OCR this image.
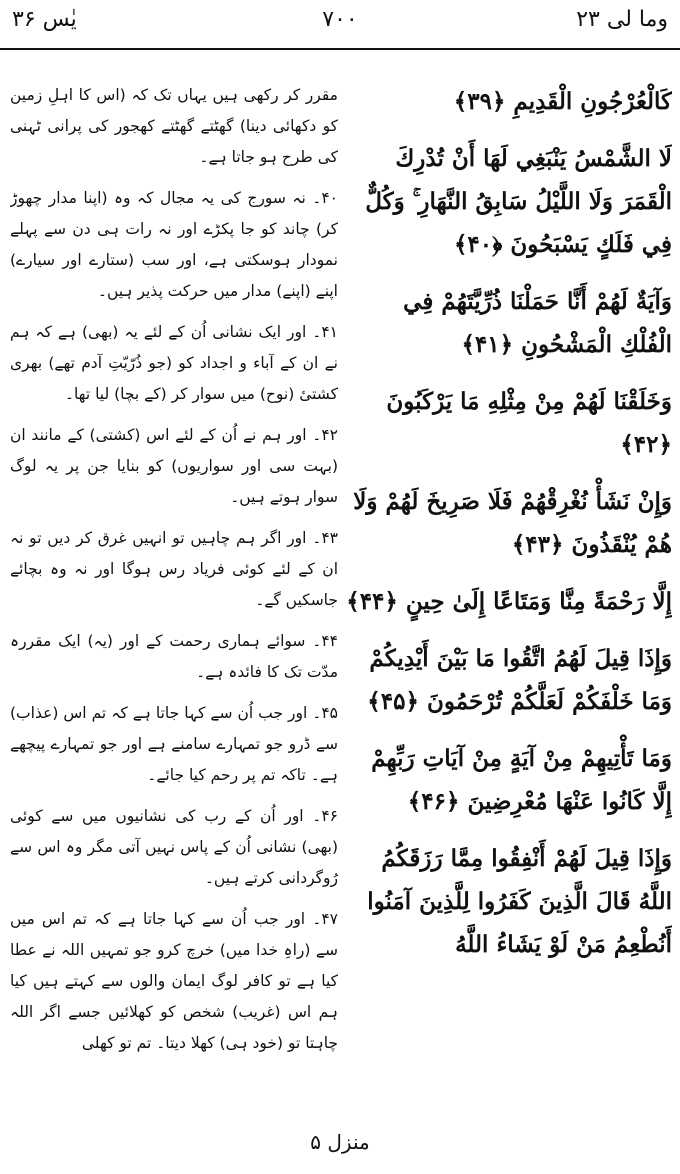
وما لی ۲۳
۷۰۰
یٰس ۳۶

مقرر کر رکھی ہیں یہاں تک کہ (اس کا اہلِ زمین کو دکھائی دینا) گھٹتے گھٹتے کھجور کی پرانی ٹہنی کی طرح ہو جاتا ہے۔

۴۰۔ نہ سورج کی یہ مجال کہ وہ (اپنا مدار چھوڑ کر) چاند کو جا پکڑے اور نہ رات ہی دن سے پہلے نمودار ہوسکتی ہے، اور سب (ستارے اور سیارے) اپنے (اپنے) مدار میں حرکت پذیر ہیں۔

۴۱۔ اور ایک نشانی اُن کے لئے یہ (بھی) ہے کہ ہم نے ان کے آباء و اجداد کو (جو ذُرّیّتِ آدم تھے) بھری کشتیٔ (نوح) میں سوار کر (کے بچا) لیا تھا۔

۴۲۔ اور ہم نے اُن کے لئے اس (کشتی) کے مانند ان (بہت سی اور سواریوں) کو بنایا جن پر یہ لوگ سوار ہوتے ہیں۔

۴۳۔ اور اگر ہم چاہیں تو انہیں غرق کر دیں تو نہ ان کے لئے کوئی فریاد رس ہوگا اور نہ وہ بچائے جاسکیں گے۔

۴۴۔ سوائے ہماری رحمت کے اور (یہ) ایک مقررہ مدّت تک کا فائدہ ہے۔

۴۵۔ اور جب اُن سے کہا جاتا ہے کہ تم اس (عذاب) سے ڈرو جو تمہارے سامنے ہے اور جو تمہارے پیچھے ہے۔ تاکہ تم پر رحم کیا جائے۔

۴۶۔ اور اُن کے رب کی نشانیوں میں سے کوئی (بھی) نشانی اُن کے پاس نہیں آتی مگر وہ اس سے رُوگردانی کرتے ہیں۔

۴۷۔ اور جب اُن سے کہا جاتا ہے کہ تم اس میں سے (راہِ خدا میں) خرچ کرو جو تمہیں اللہ نے عطا کیا ہے تو کافر لوگ ایمان والوں سے کہتے ہیں کیا ہم اس (غریب) شخص کو کھلائیں جسے اگر اللہ چاہتا تو (خود ہی) کھلا دیتا۔ تم تو کھلی

كَالْعُرْجُونِ الْقَدِيمِ ﴿۳۹﴾

لَا الشَّمْسُ يَنْبَغِي لَهَا أَنْ تُدْرِكَ الْقَمَرَ وَلَا اللَّيْلُ سَابِقُ النَّهَارِ ۚ وَكُلٌّ فِي فَلَكٍ يَسْبَحُونَ ﴿۴۰﴾

وَآيَةٌ لَهُمْ أَنَّا حَمَلْنَا ذُرِّيَّتَهُمْ فِي الْفُلْكِ الْمَشْحُونِ ﴿۴۱﴾

وَخَلَقْنَا لَهُمْ مِنْ مِثْلِهِ مَا يَرْكَبُونَ ﴿۴۲﴾

وَإِنْ نَشَأْ نُغْرِقْهُمْ فَلَا صَرِيخَ لَهُمْ وَلَا هُمْ يُنْقَذُونَ ﴿۴۳﴾

إِلَّا رَحْمَةً مِنَّا وَمَتَاعًا إِلَىٰ حِينٍ ﴿۴۴﴾

وَإِذَا قِيلَ لَهُمُ اتَّقُوا مَا بَيْنَ أَيْدِيكُمْ وَمَا خَلْفَكُمْ لَعَلَّكُمْ تُرْحَمُونَ ﴿۴۵﴾

وَمَا تَأْتِيهِمْ مِنْ آيَةٍ مِنْ آيَاتِ رَبِّهِمْ إِلَّا كَانُوا عَنْهَا مُعْرِضِينَ ﴿۴۶﴾

وَإِذَا قِيلَ لَهُمْ أَنْفِقُوا مِمَّا رَزَقَكُمُ اللَّهُ قَالَ الَّذِينَ كَفَرُوا لِلَّذِينَ آمَنُوا أَنُطْعِمُ مَنْ لَوْ يَشَاءُ اللَّهُ

منزل ۵
